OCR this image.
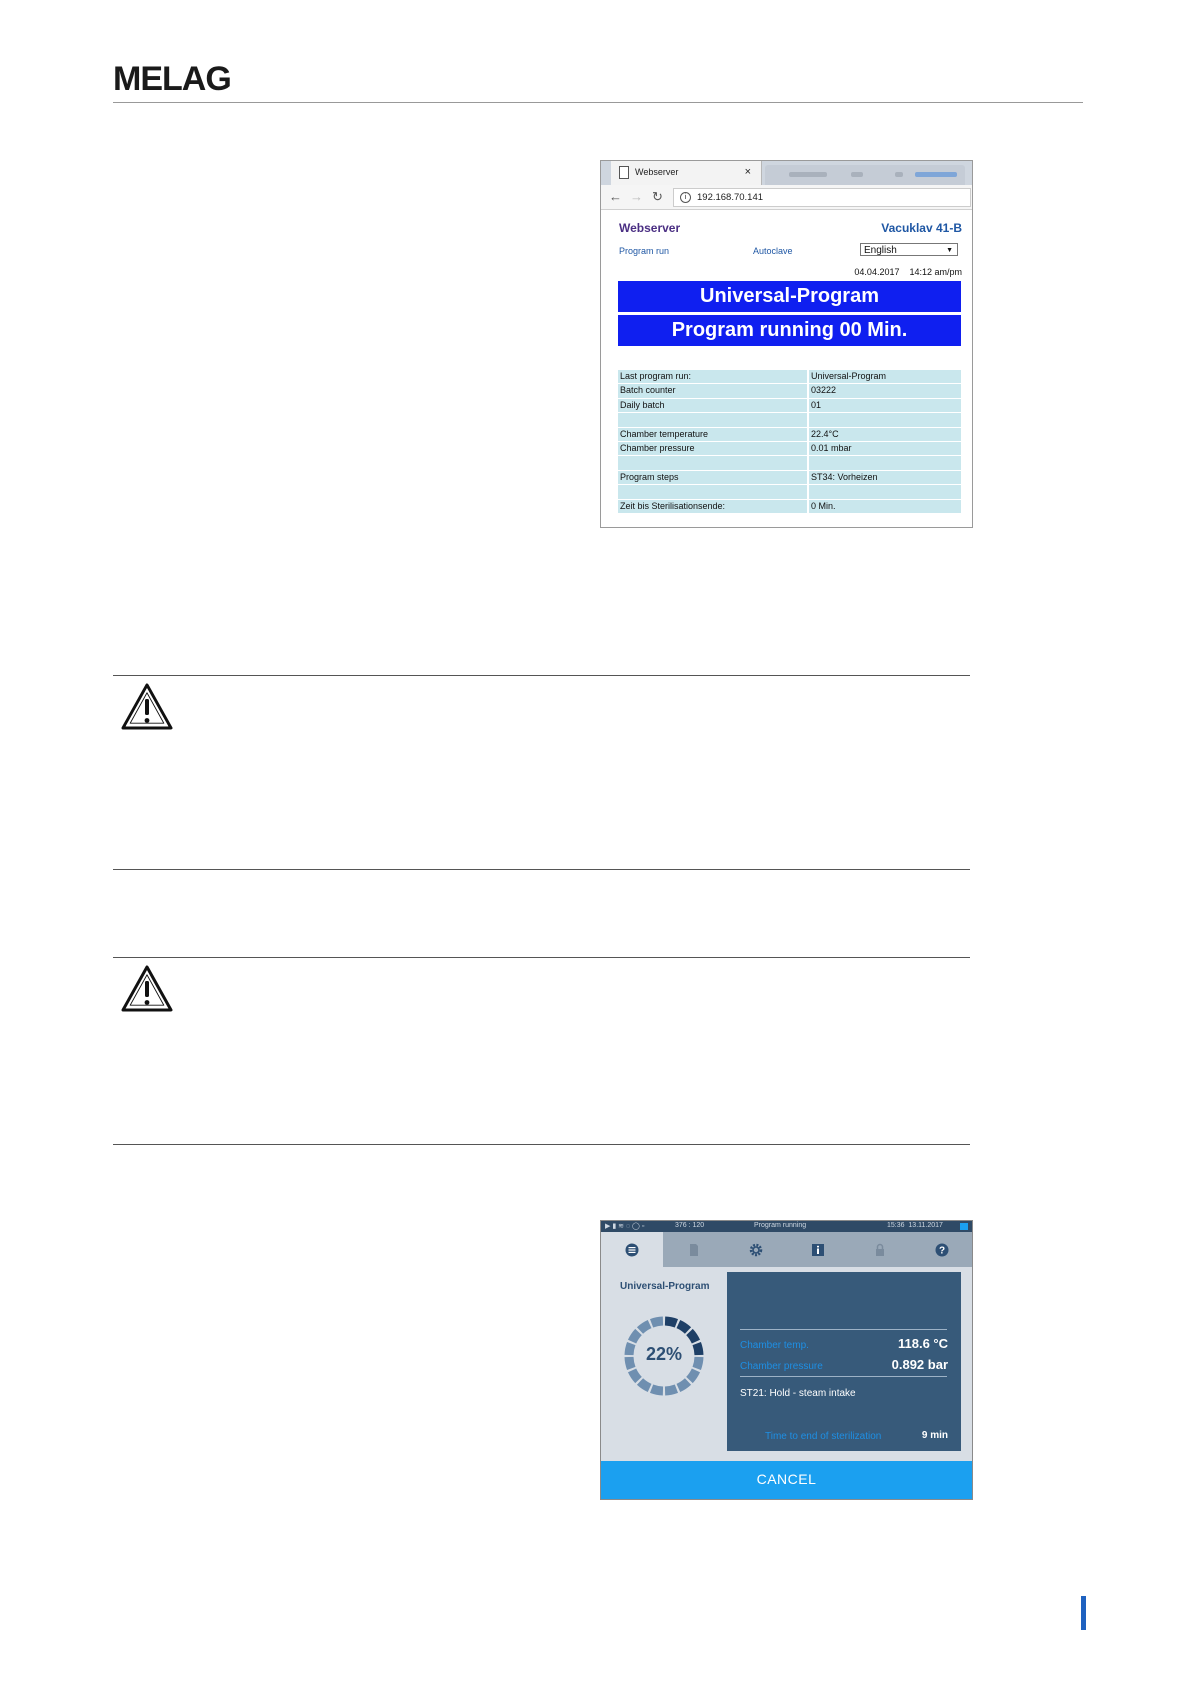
MELAG
Webserver	×
← → ↻	i 192.168.70.141
Webserver	Vacuklav 41-B
Program run	Autoclave	English	▼
04.04.2017    14:12 am/pm
Universal-Program
Program running 00 Min.
Last program run:	Universal-Program
Batch counter	03222
Daily batch	01
Chamber temperature	22.4°C
Chamber pressure	0.01 mbar
Program steps	ST34: Vorheizen
Zeit bis Sterilisationsende:	0 Min.
▶ ▮ ≋ ◌ ◯ ▫	376 : 120	Program running	15:36  13.11.2017
?
Universal-Program
22%	Chamber temp.	118.6 °C
Chamber pressure	0.892 bar
ST21: Hold - steam intake
Time to end of sterilization	9 min
CANCEL
